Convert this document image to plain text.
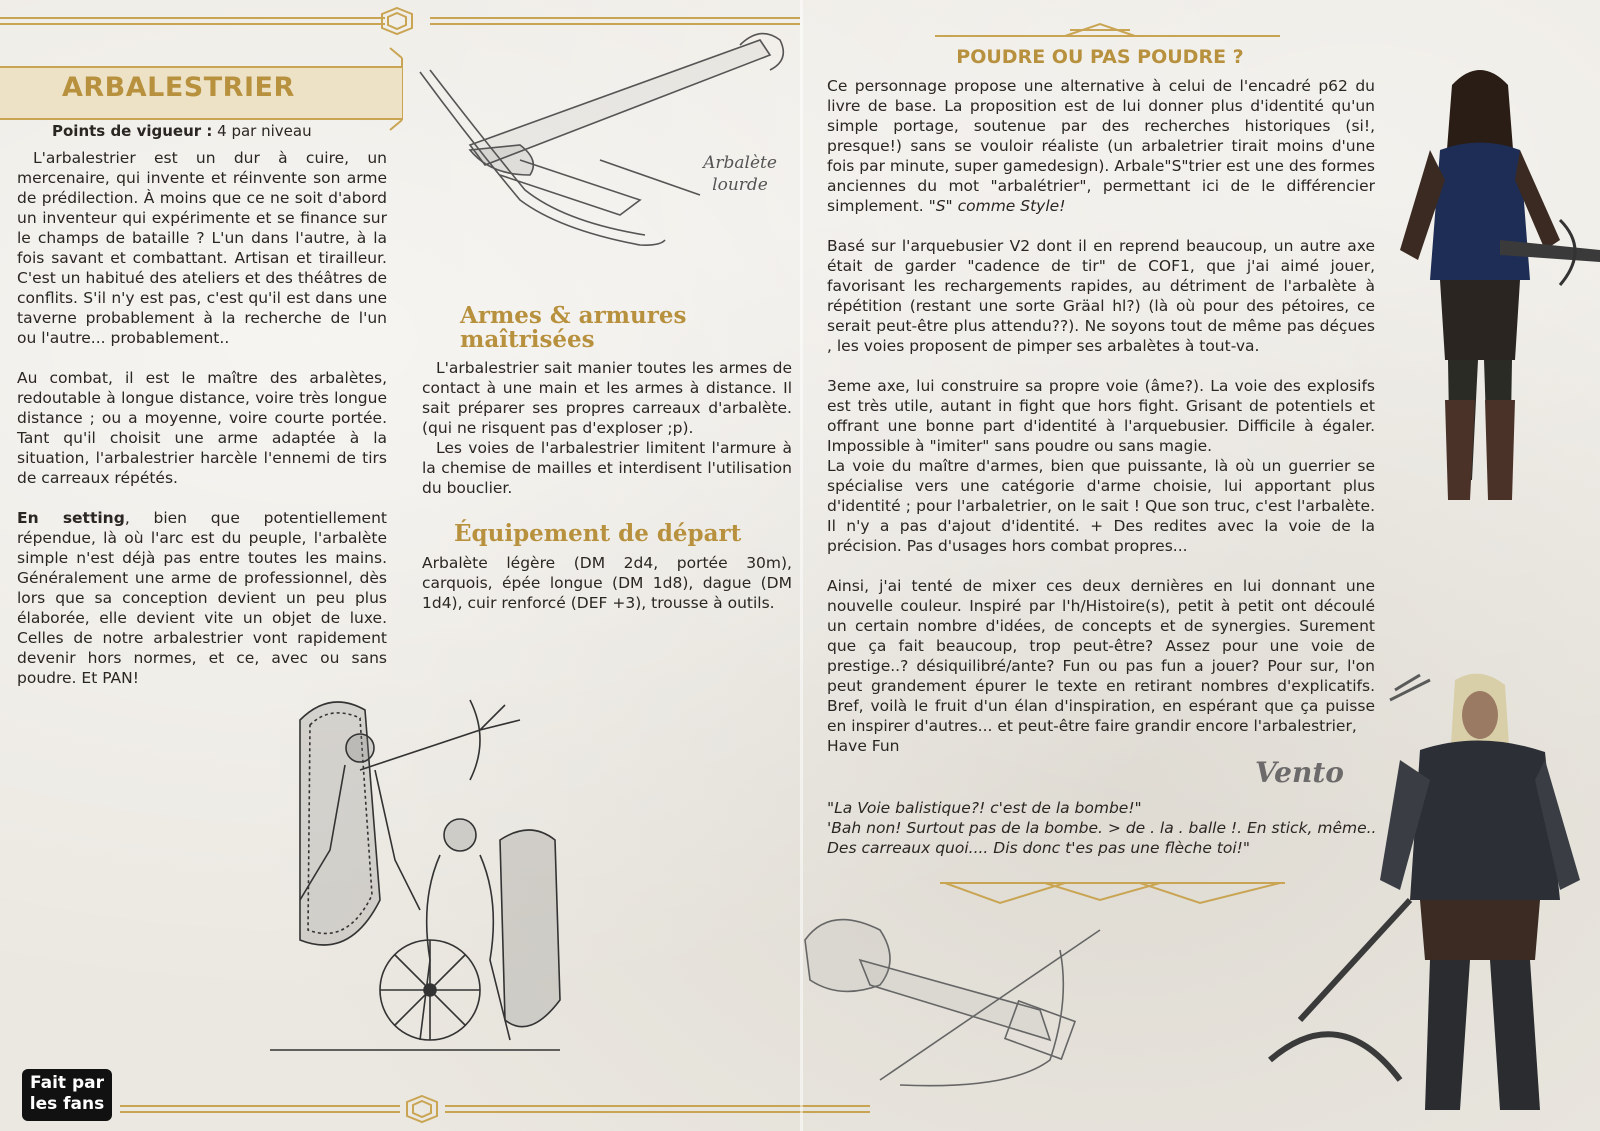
ARBALESTRIER
Points de vigueur : 4 par niveau

L'arbalestrier est un dur à cuire, un mercenaire, qui invente et réinvente son arme de prédilection. À moins que ce ne soit d'abord un inventeur qui expérimente et se finance sur le champs de bataille ? L'un dans l'autre, à la fois savant et combattant. Artisan et tirailleur. C'est un habitué des ateliers et des théâtres de conflits. S'il n'y est pas, c'est qu'il est dans une taverne probablement à la recherche de l'un ou l'autre... probablement..

Au combat, il est le maître des arbalètes, redoutable à longue distance, voire très longue distance ; ou a moyenne, voire courte portée. Tant qu'il choisit une arme adaptée à la situation, l'arbalestrier harcèle l'ennemi de tirs de carreaux répétés.

En setting, bien que potentiellement répendue, là où l'arc est du peuple, l'arbalète simple n'est déjà pas entre toutes les mains. Généralement une arme de professionnel, dès lors que sa conception devient un peu plus élaborée, elle devient vite un objet de luxe. Celles de notre arbalestrier vont rapidement devenir hors normes, et ce, avec ou sans poudre. Et PAN!

Arbalète
lourde
Armes & armures
maîtrisées

L'arbalestrier sait manier toutes les armes de contact à une main et les armes à distance. Il sait préparer ses propres carreaux d'arbalète. (qui ne risquent pas d'exploser ;p).

Les voies de l'arbalestrier limitent l'armure à la chemise de mailles et interdisent l'utilisation du bouclier.

Équipement de départ

Arbalète légère (DM 2d4, portée 30m), carquois, épée longue (DM 1d8), dague (DM 1d4), cuir renforcé (DEF +3), trousse à outils.

Fait par
les fans
POUDRE OU PAS POUDRE ?

Ce personnage propose une alternative à celui de l'encadré p62 du livre de base. La proposition est de lui donner plus d'identité qu'un simple portage, soutenue par des recherches historiques (si!, presque!) sans se vouloir réaliste (un arbaletrier tirait moins d'une fois par minute, super gamedesign). Arbale"S"trier est une des formes anciennes du mot "arbalétrier", permettant ici de le différencier simplement. "S" comme Style!

Basé sur l'arquebusier V2 dont il en reprend beaucoup, un autre axe était de garder "cadence de tir" de COF1, que j'ai aimé jouer, favorisant les rechargements rapides, au détriment de l'arbalète à répétition (restant une sorte Gräal hl?) (là où pour des pétoires, ce serait peut-être plus attendu??). Ne soyons tout de même pas déçues , les voies proposent de pimper ses arbalètes à tout-va.

3eme axe, lui construire sa propre voie (âme?). La voie des explosifs est très utile, autant in fight que hors fight. Grisant de potentiels et offrant une bonne part d'identité à l'arquebusier. Difficile à égaler. Impossible à "imiter" sans poudre ou sans magie.

La voie du maître d'armes, bien que puissante, là où un guerrier se spécialise vers une catégorie d'arme choisie, lui apportant plus d'identité ; pour l'arbaletrier, on le sait ! Que son truc, c'est l'arbalète. Il n'y a pas d'ajout d'identité. + Des redites avec la voie de la précision. Pas d'usages hors combat propres...

Ainsi, j'ai tenté de mixer ces deux dernières en lui donnant une nouvelle couleur. Inspiré par l'h/Histoire(s), petit à petit ont découlé un certain nombre d'idées, de concepts et de synergies. Surement que ça fait beaucoup, trop peut-être? Assez pour une voie de prestige..? désiquilibré/ante? Fun ou pas fun a jouer? Pour sur, l'on peut grandement épurer le texte en retirant nombres d'explicatifs. Bref, voilà le fruit d'un élan d'inspiration, en espérant que ça puisse en inspirer d'autres... et peut-être faire grandir encore l'arbalestrier,

Have Fun

Vento
"La Voie balistique?! c'est de la bombe!"
'Bah non! Surtout pas de la bombe. > de . la . balle !. En stick, même..
Des carreaux quoi.... Dis donc t'es pas une flèche toi!"
